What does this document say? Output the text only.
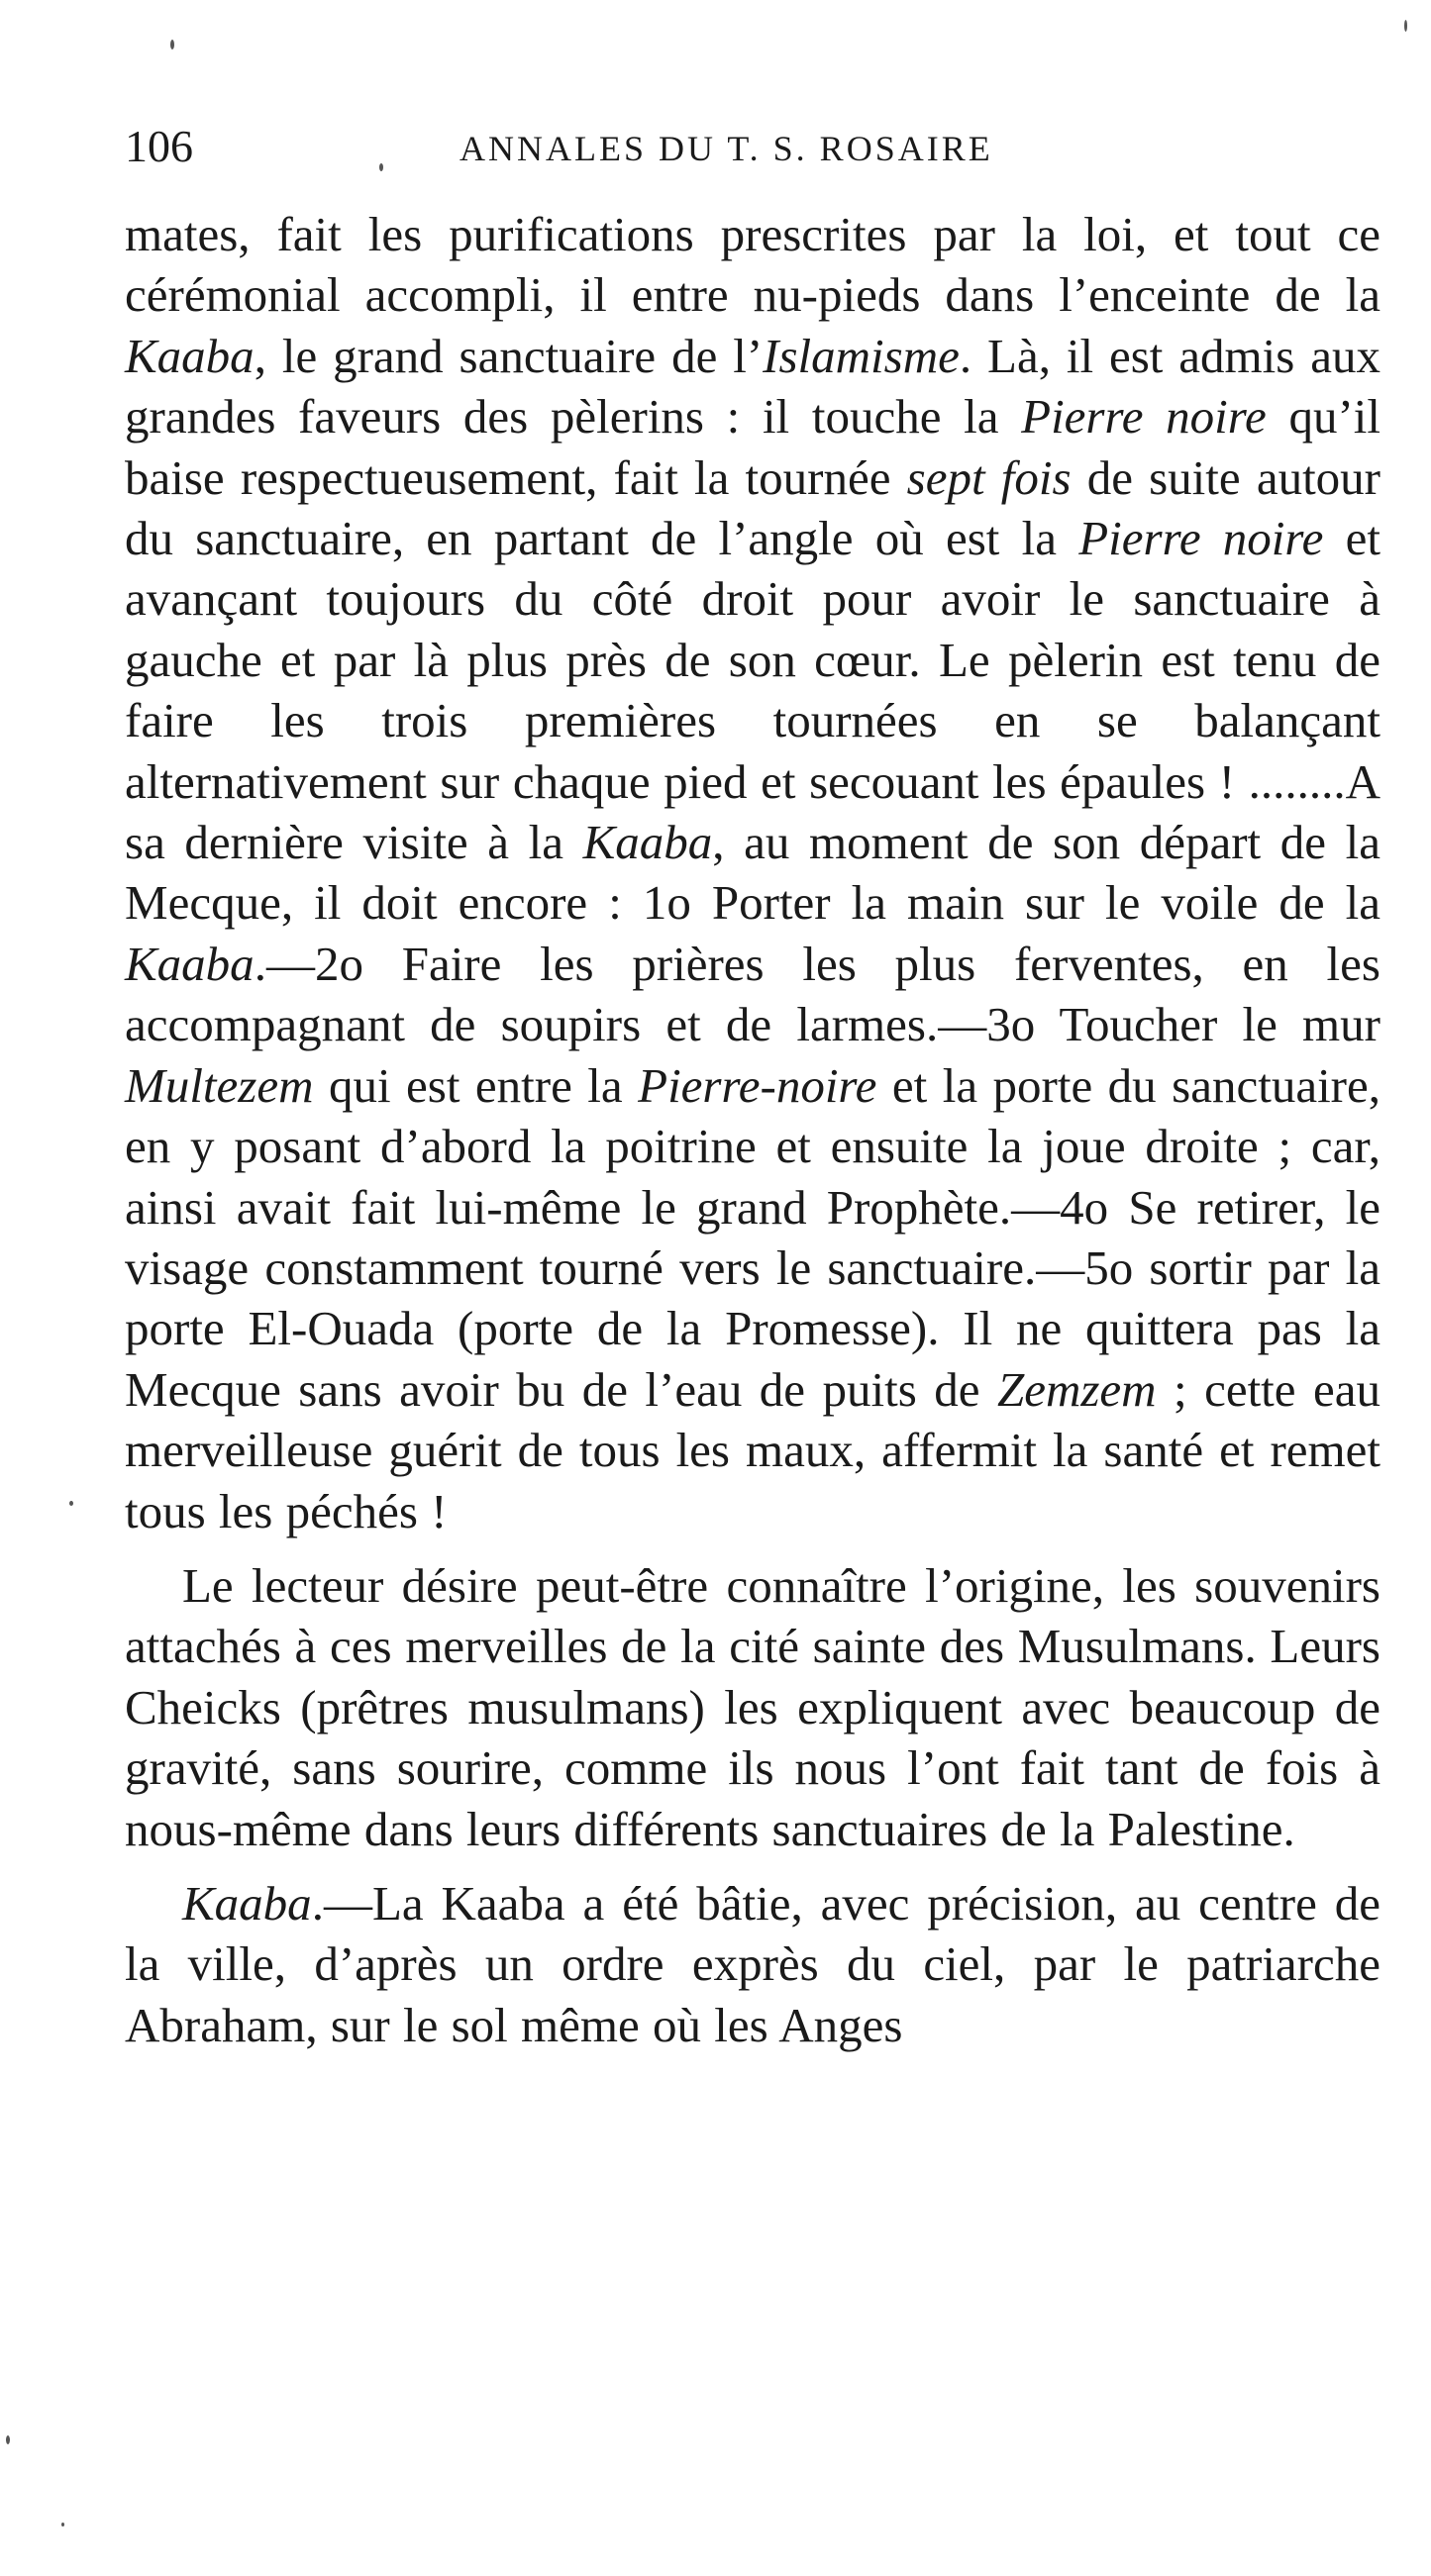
106	ANNALES DU T. S. ROSAIRE

mates, fait les purifications prescrites par la loi, et tout ce cérémonial accompli, il entre nu-pieds dans l’enceinte de la Kaaba, le grand sanctuaire de l’Islamisme. Là, il est admis aux grandes faveurs des pèlerins : il touche la Pierre noire qu’il baise respectueusement, fait la tournée sept fois de suite autour du sanctuaire, en partant de l’angle où est la Pierre noire et avançant toujours du côté droit pour avoir le sanctuaire à gauche et par là plus près de son cœur. Le pèlerin est tenu de faire les trois premières tournées en se balançant alternativement sur chaque pied et secouant les épaules ! ........A sa dernière visite à la Kaaba, au moment de son départ de la Mecque, il doit encore : 1o Porter la main sur le voile de la Kaaba.—2o Faire les prières les plus ferventes, en les accompagnant de soupirs et de larmes.—3o Toucher le mur Multezem qui est entre la Pierre-noire et la porte du sanctuaire, en y posant d’abord la poitrine et ensuite la joue droite ; car, ainsi avait fait lui-même le grand Prophète.—4o Se retirer, le visage constamment tourné vers le sanctuaire.—5o sortir par la porte El-Ouada (porte de la Promesse). Il ne quittera pas la Mecque sans avoir bu de l’eau de puits de Zemzem ; cette eau merveilleuse guérit de tous les maux, affermit la santé et remet tous les péchés !

Le lecteur désire peut-être connaître l’origine, les souvenirs attachés à ces merveilles de la cité sainte des Musulmans. Leurs Cheicks (prêtres musulmans) les expliquent avec beaucoup de gravité, sans sourire, comme ils nous l’ont fait tant de fois à nous-même dans leurs différents sanctuaires de la Palestine.

Kaaba.—La Kaaba a été bâtie, avec précision, au centre de la ville, d’après un ordre exprès du ciel, par le patriarche Abraham, sur le sol même où les Anges
